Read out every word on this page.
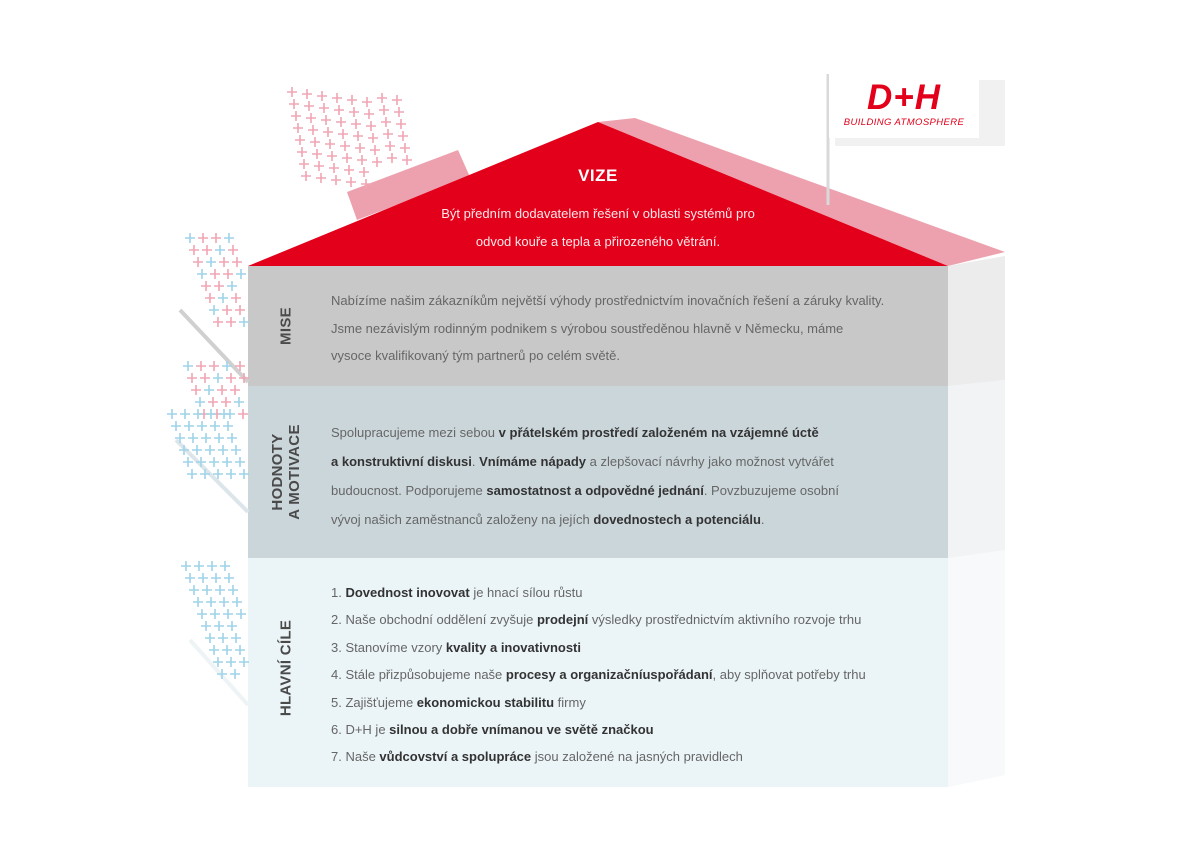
D+H
BUILDING ATMOSPHERE
VIZE
Být předním dodavatelem řešení v oblasti systémů pro
odvod kouře a tepla a přirozeného větrání.
MISE
Nabízíme našim zákazníkům největší výhody prostřednictvím inovačních řešení a záruky kvality.
Jsme nezávislým rodinným podnikem s výrobou soustředěnou hlavně v Německu, máme
vysoce kvalifikovaný tým partnerů po celém světě.
HODNOTY A MOTIVACE Spolupracujeme mezi sebou v přátelském prostředí založeném na vzájemné úctě
a konstruktivní diskusi. Vnímáme nápady a zlepšovací návrhy jako možnost vytvářet
budoucnost. Podporujeme samostatnost a odpovědné jednání. Povzbuzujeme osobní
vývoj našich zaměstnanců založeny na jejích dovednostech a potenciálu.
HLAVNÍ CÍLE
1. Dovednost inovovat je hnací sílou růstu
2. Naše obchodní oddělení zvyšuje prodejní výsledky prostřednictvím aktivního rozvoje trhu
3. Stanovíme vzory kvality a inovativnosti
4. Stále přizpůsobujeme naše procesy a organizačníuspořádaní, aby splňovat potřeby trhu
5. Zajišťujeme ekonomickou stabilitu firmy
6. D+H je silnou a dobře vnímanou ve světě značkou
7. Naše vůdcovství a spolupráce jsou založené na jasných pravidlech
